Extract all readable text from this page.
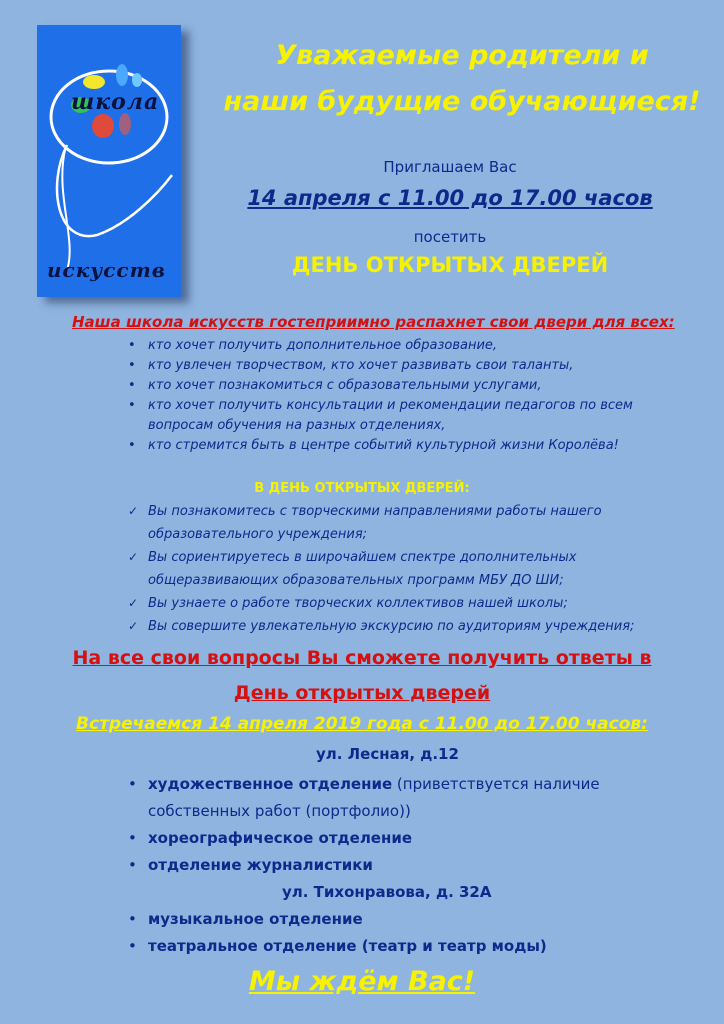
школа
искусств
Уважаемые родители и
наши будущие обучающиеся!
Приглашаем Вас
14 апреля с 11.00 до 17.00 часов
посетить
ДЕНЬ ОТКРЫТЫХ ДВЕРЕЙ
Наша школа искусств гостеприимно распахнет свои двери для всех:
• кто хочет получить дополнительное образование,
• кто увлечен творчеством, кто хочет развивать свои таланты,
• кто хочет познакомиться с образовательными услугами,
• кто хочет получить консультации и рекомендации педагогов по всем вопросам обучения на разных отделениях,
• кто стремится быть в центре событий культурной жизни Королёва!
В ДЕНЬ ОТКРЫТЫХ ДВЕРЕЙ:
✓ Вы познакомитесь с творческими направлениями работы нашего образовательного учреждения;
✓ Вы сориентируетесь в широчайшем спектре дополнительных общеразвивающих образовательных программ МБУ ДО ШИ;
✓ Вы узнаете о работе творческих коллективов нашей школы;
✓ Вы совершите увлекательную экскурсию по аудиториям учреждения;
На все свои вопросы Вы сможете получить ответы в
День открытых дверей
Встречаемся 14 апреля 2019 года с 11.00 до 17.00 часов:
ул. Лесная, д.12
• художественное отделение (приветствуется наличие собственных работ (портфолио))
• хореографическое отделение
• отделение журналистики
ул. Тихонравова, д. 32А
• музыкальное отделение
• театральное отделение (театр и театр моды)
Мы ждём Вас!
